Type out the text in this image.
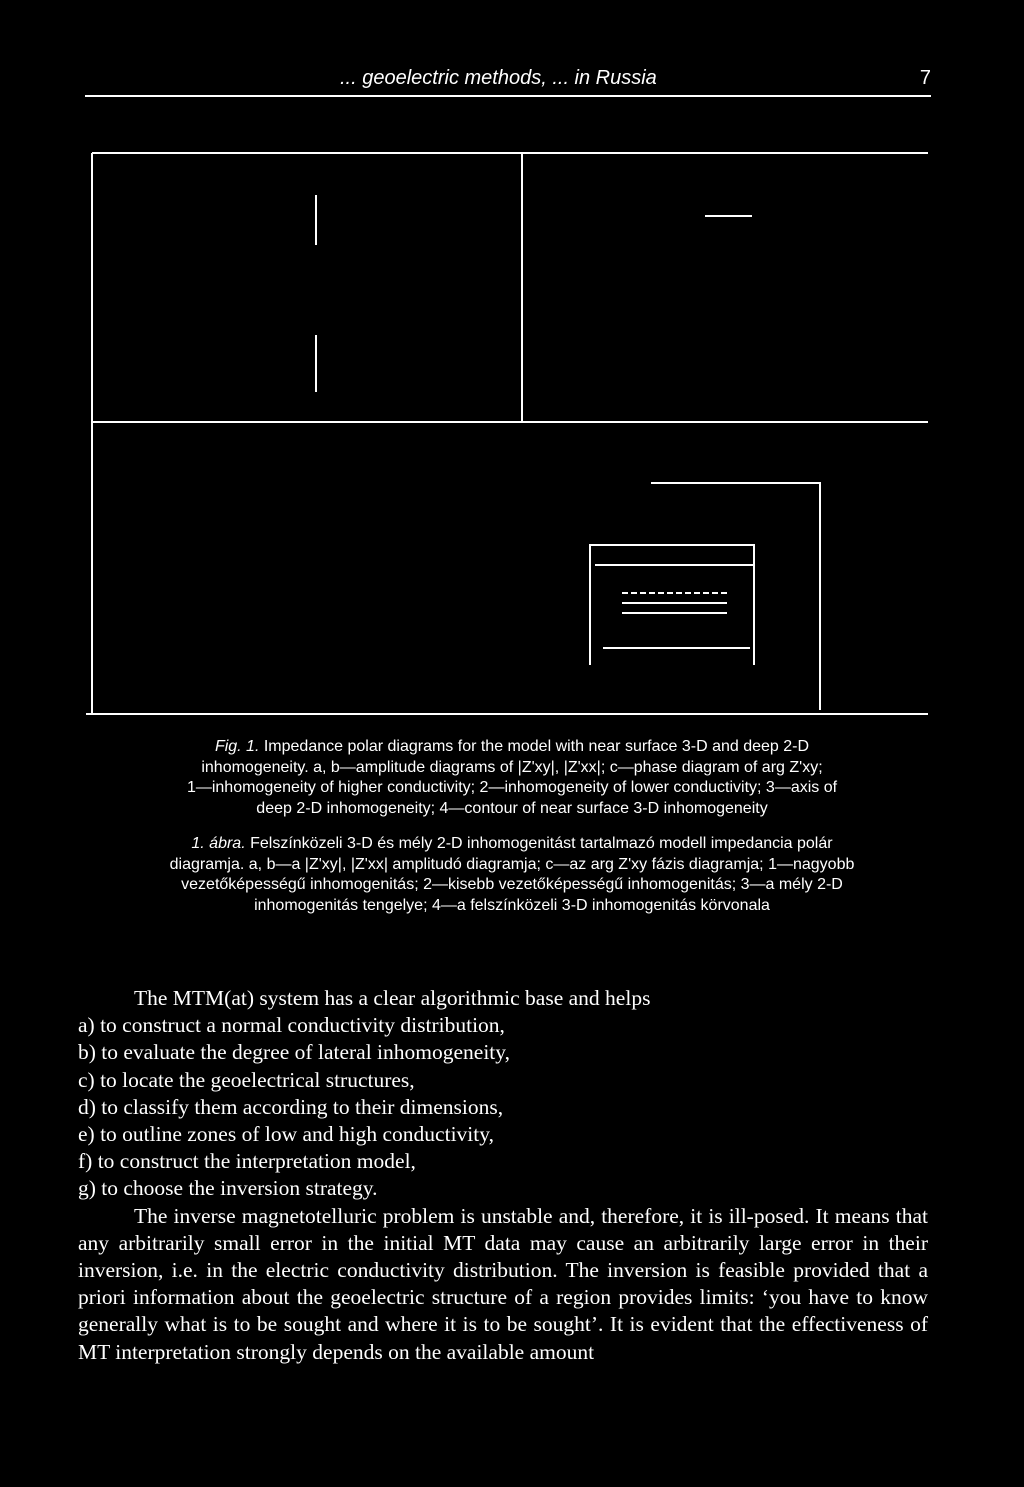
... geoelectric methods, ... in Russia	7
Fig. 1. Impedance polar diagrams for the model with near surface 3-D and deep 2-D
inhomogeneity. a, b—amplitude diagrams of |Z'xy|, |Z'xx|; c—phase diagram of arg Z'xy;
1—inhomogeneity of higher conductivity; 2—inhomogeneity of lower conductivity; 3—axis of
deep 2-D inhomogeneity; 4—contour of near surface 3-D inhomogeneity
1. ábra. Felszínközeli 3-D és mély 2-D inhomogenitást tartalmazó modell impedancia polár
diagramja. a, b—a |Z'xy|, |Z'xx| amplitudó diagramja; c—az arg Z'xy fázis diagramja; 1—nagyobb
vezetőképességű inhomogenitás; 2—kisebb vezetőképességű inhomogenitás; 3—a mély 2-D
inhomogenitás tengelye; 4—a felszínközeli 3-D inhomogenitás körvonala

The MTM(at) system has a clear algorithmic base and helps

a) to construct a normal conductivity distribution,

b) to evaluate the degree of lateral inhomogeneity,

c) to locate the geoelectrical structures,

d) to classify them according to their dimensions,

e) to outline zones of low and high conductivity,

f) to construct the interpretation model,

g) to choose the inversion strategy.

The inverse magnetotelluric problem is unstable and, therefore, it is ill-posed. It means that any arbitrarily small error in the initial MT data may cause an arbitrarily large error in their inversion, i.e. in the electric conductivity distribution. The inversion is feasible provided that a priori information about the geoelectric structure of a region provides limits: ‘you have to know generally what is to be sought and where it is to be sought’. It is evident that the effectiveness of MT interpretation strongly depends on the available amount
